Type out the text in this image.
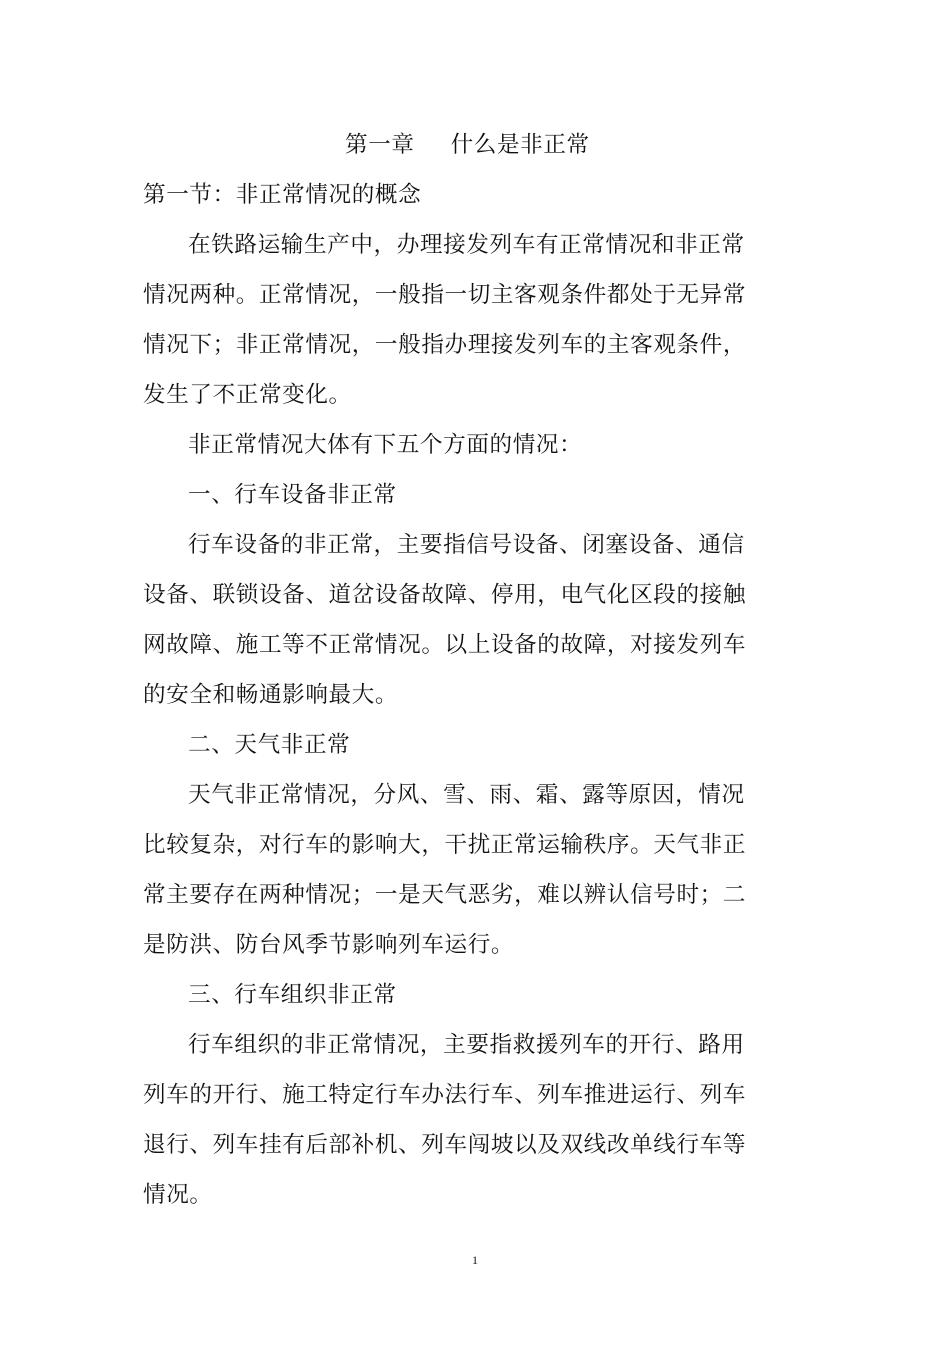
第一章 什么是非正常
第一节：非正常情况的概念
在铁路运输生产中，办理接发列车有正常情况和非正常
情况两种。正常情况，一般指一切主客观条件都处于无异常
情况下；非正常情况，一般指办理接发列车的主客观条件，
发生了不正常变化。
非正常情况大体有下五个方面的情况：
一、行车设备非正常
行车设备的非正常，主要指信号设备、闭塞设备、通信
设备、联锁设备、道岔设备故障、停用，电气化区段的接触
网故障、施工等不正常情况。以上设备的故障，对接发列车
的安全和畅通影响最大。
二、天气非正常
天气非正常情况，分风、雪、雨、霜、露等原因，情况
比较复杂，对行车的影响大，干扰正常运输秩序。天气非正
常主要存在两种情况；一是天气恶劣，难以辨认信号时；二
是防洪、防台风季节影响列车运行。
三、行车组织非正常
行车组织的非正常情况，主要指救援列车的开行、路用
列车的开行、施工特定行车办法行车、列车推进运行、列车
退行、列车挂有后部补机、列车闯坡以及双线改单线行车等
情况。
1
